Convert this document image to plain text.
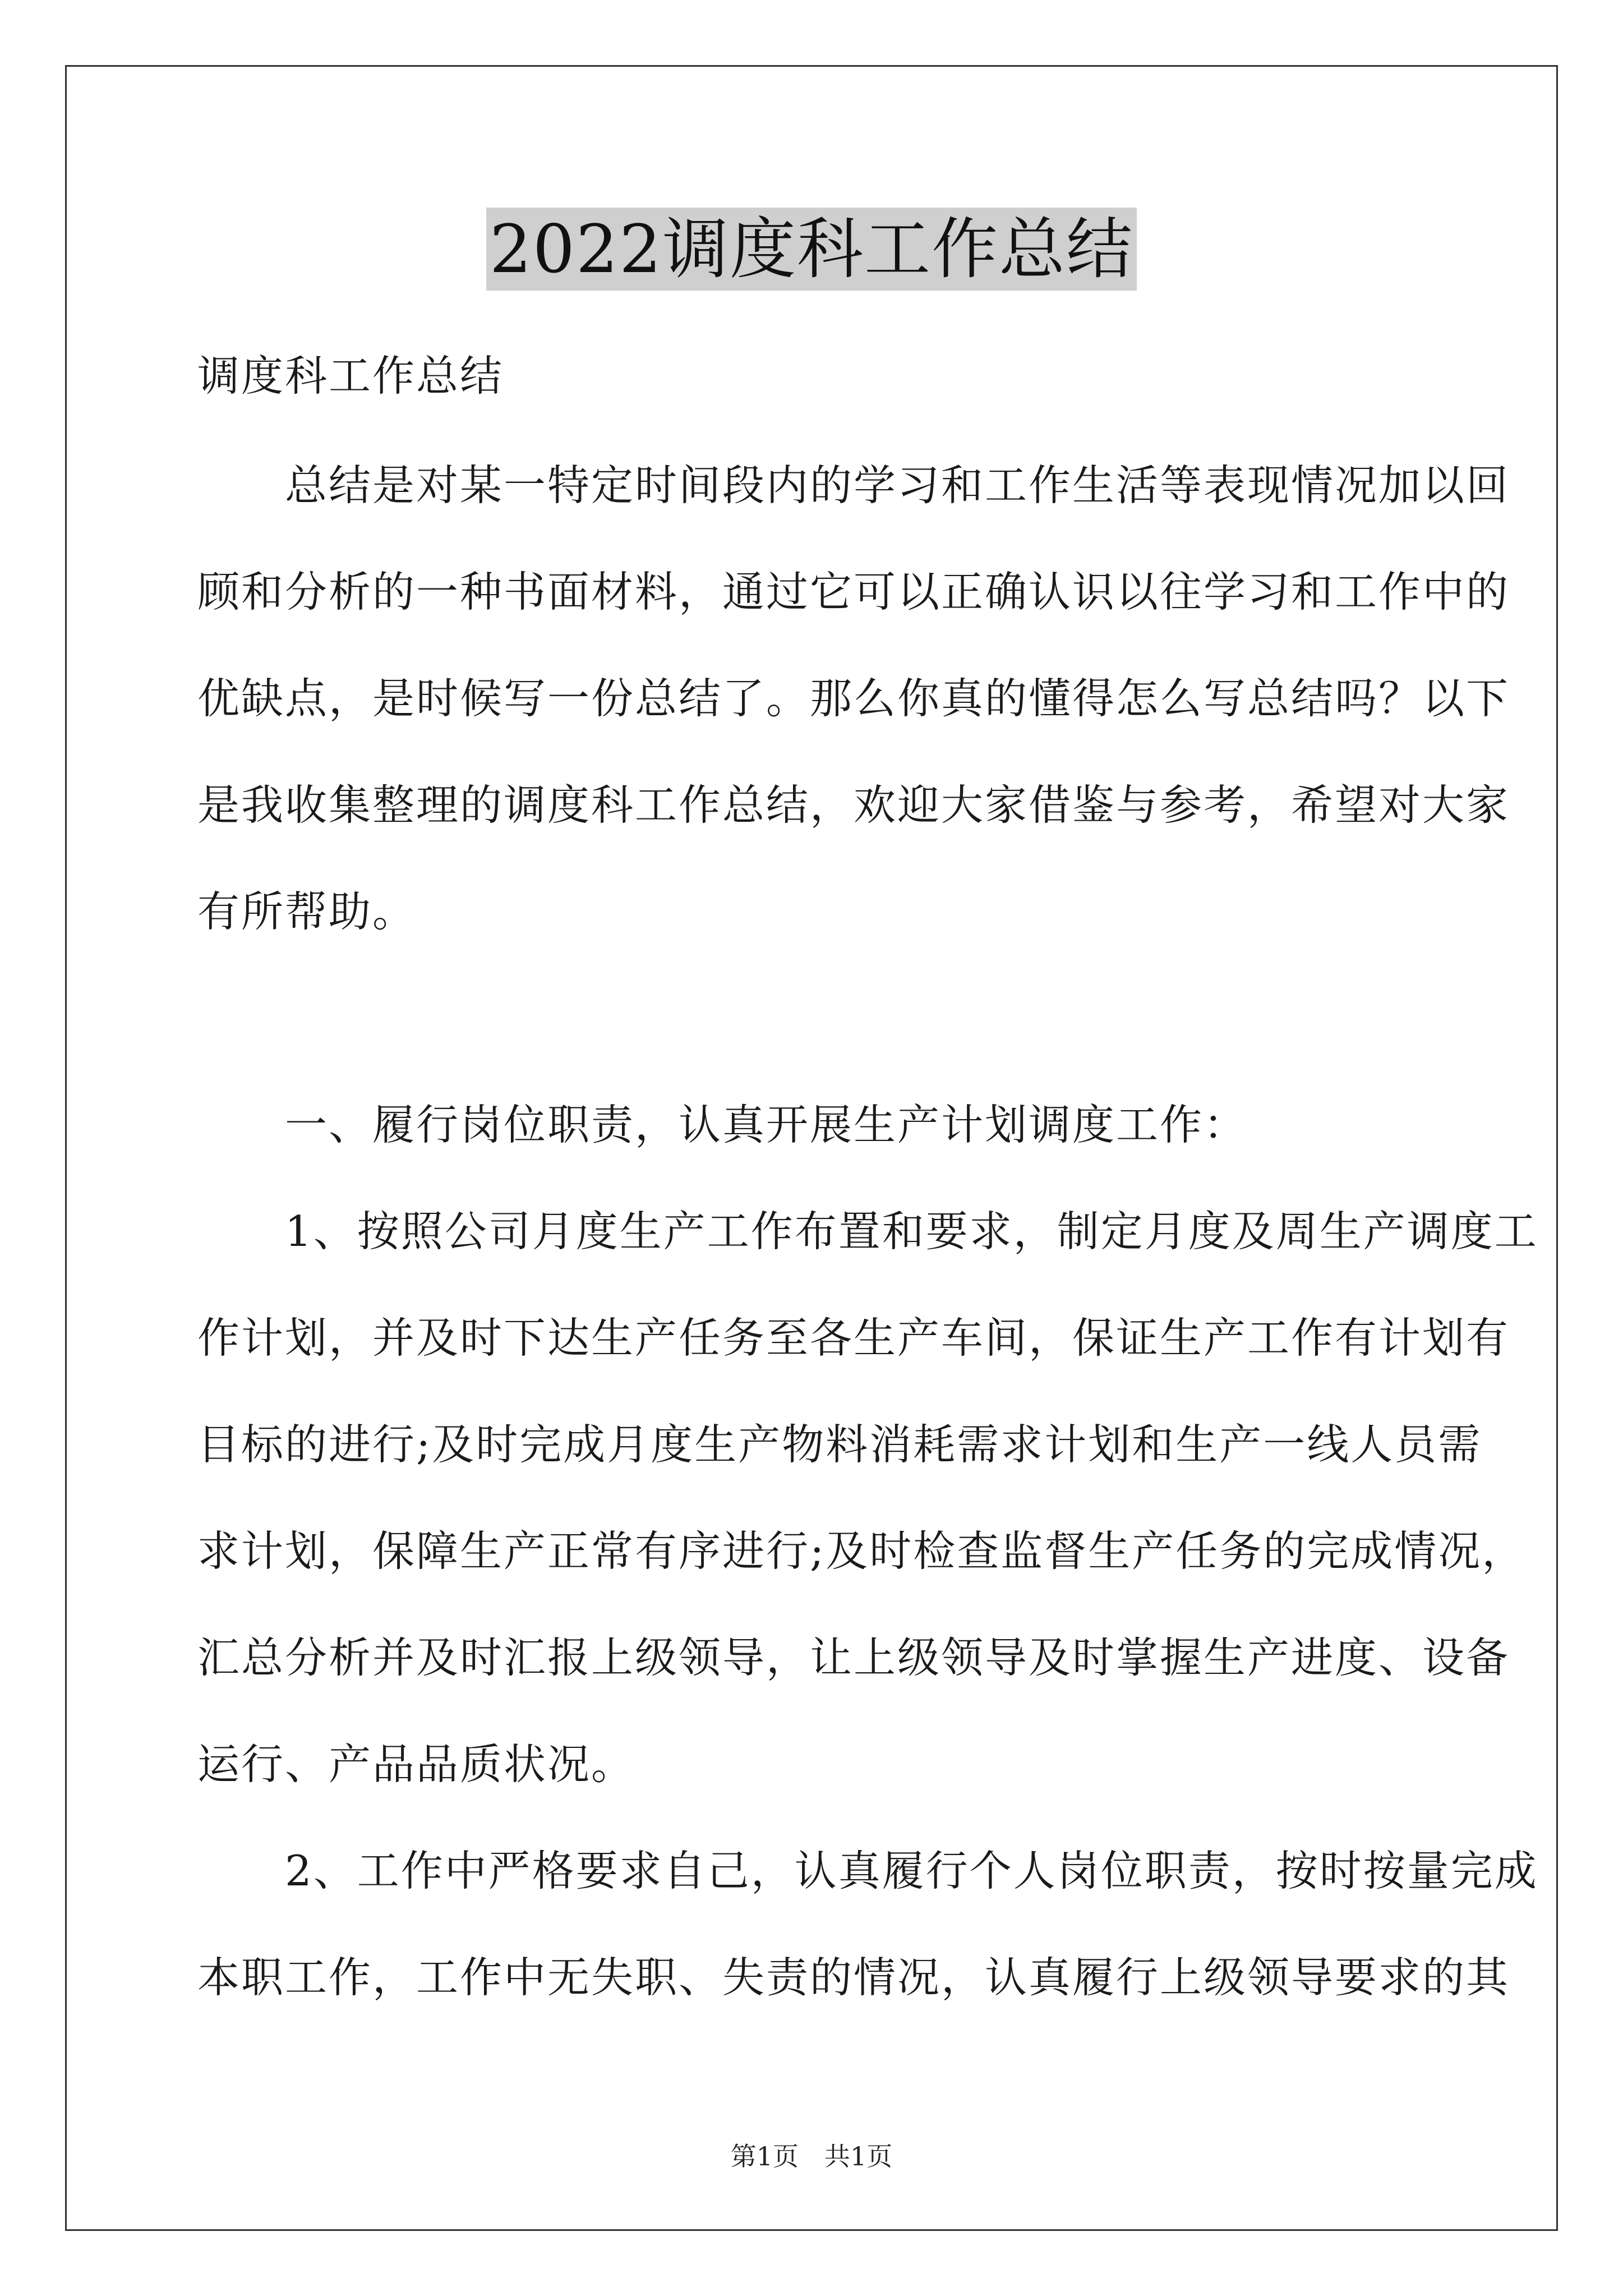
2022调度科工作总结
调度科工作总结
　　总结是对某一特定时间段内的学习和工作生活等表现情况加以回
顾和分析的一种书面材料，通过它可以正确认识以往学习和工作中的
优缺点，是时候写一份总结了。那么你真的懂得怎么写总结吗？以下
是我收集整理的调度科工作总结，欢迎大家借鉴与参考，希望对大家
有所帮助。
　　一、履行岗位职责，认真开展生产计划调度工作：
　　1、按照公司月度生产工作布置和要求，制定月度及周生产调度工
作计划，并及时下达生产任务至各生产车间，保证生产工作有计划有
目标的进行;及时完成月度生产物料消耗需求计划和生产一线人员需
求计划，保障生产正常有序进行;及时检查监督生产任务的完成情况，
汇总分析并及时汇报上级领导，让上级领导及时掌握生产进度、设备
运行、产品品质状况。
　　2、工作中严格要求自己，认真履行个人岗位职责，按时按量完成
本职工作，工作中无失职、失责的情况，认真履行上级领导要求的其
第1页　共1页
